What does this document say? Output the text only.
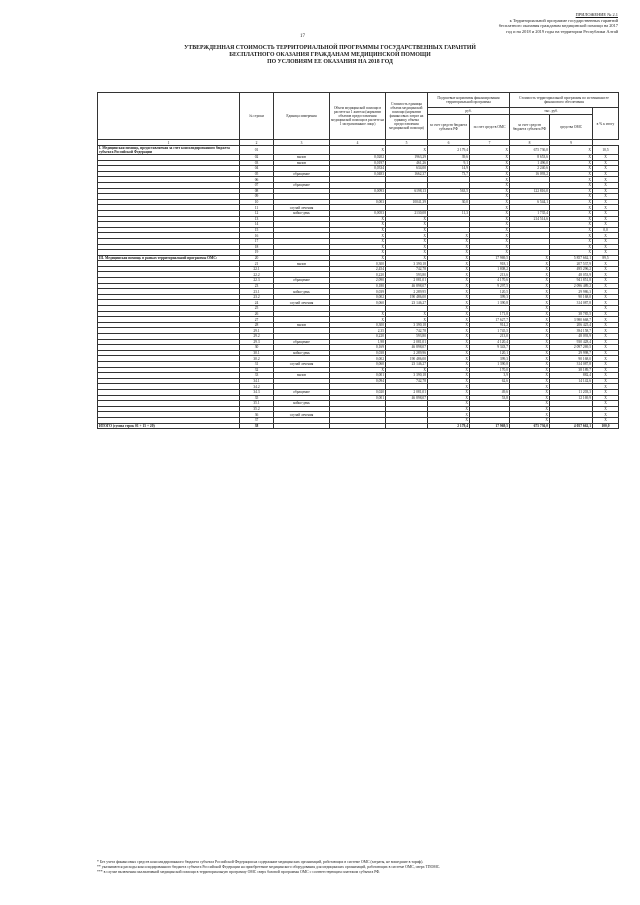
17
ПРИЛОЖЕНИЕ № 2.1
к Территориальной программе государственных гарантий
бесплатного оказания гражданам медицинской помощи на 2017
год и на 2018 и 2019 годы на территории Республики Алтай
УТВЕРЖДЕННАЯ СТОИМОСТЬ ТЕРРИТОРИАЛЬНОЙ ПРОГРАММЫ ГОСУДАРСТВЕННЫХ ГАРАНТИЙ
БЕСПЛАТНОГО ОКАЗАНИЯ ГРАЖДАНАМ МЕДИЦИНСКОЙ ПОМОЩИ
ПО УСЛОВИЯМ ЕЕ ОКАЗАНИЯ НА 2018 ГОД
	№ строки	Единица измерения	Объем медицинской помощи в расчете на 1 жителя (норматив объемов предоставления медицинской помощи в расчете на 1 застрахованное лицо)	Стоимость единицы объема медицинской помощи (норматив финансовых затрат на единицу объема предоставления медицинской помощи)	Подушевые нормативы финансирования территориальной программы		Стоимость территориальной программы по источникам ее финансового обеспечения		
					руб.		тыс. руб.		в % к итогу
					за счет средств бюджета субъекта РФ	за счет средств ОМС	за счет средств бюджета субъекта РФ	средства ОМС	
1	2	3	4	5	6	7	8	9	
I. Медицинская помощь, предоставляемая за счет консолидированного бюджета субъекта Российской Федерации	01		Х	Х	2 179,4	Х	675 736,0	Х	10,5
	02	вызов	0,0202	1963,29	39,6	Х	8 653,6	Х	Х
	03	вызов	0,0197	461,26	9,1	Х	1 496,0	Х	Х
	04		0,0334	634,00	14,9	Х	2 240,6	Х	Х
	05	обращение	0,0483	1662,37	73,7	Х	16 093,2	Х	Х
	06					Х		Х	Х
	07	обращение				Х		Х	Х
	08		0,0093	6198,13	563,5	Х	122 816,0	Х	Х
	09					Х		Х	Х
	10		0,003	10041,39	30,0	Х	6 544,1	Х	Х
	11	случай лечения				Х		Х	Х
	12	койко-день	0,0053	2130,08	11,3	Х	1 735,4	Х	Х
	13		Х	Х		Х	214 514,6	Х	Х
	14		Х	Х		Х		Х	Х
	15		Х	Х		Х		Х	0,0
	16		Х	Х	Х	Х		Х	Х
	17		Х	Х	Х	Х		Х	Х
	18		Х	Х	Х	Х		Х	Х
	19		Х	Х	Х	Х		Х	Х
III. Медицинская помощь в рамках территориальной программы ОМС:	20		Х	Х	Х	17 969,5	Х	5 857 662,1	89,5
	21	вызов	0,300	3 390,18	Х	918,1	Х	207 537,9	Х
	22.1		2,454	742,78	Х	1 808,2	Х	495 296,2	Х
	22.2		0,220	593,80	Х	213,6	Х	48 053,9	Х
	22.3	обращение	2,090	2 081,01	Х	4 170,6	Х	941 851,8	Х
	23		0,180	46 898,07	Х	9 297,5	Х	2 096 489,2	Х
	23.1	койко-день	0,039	2 289,95	Х	120,5	Х	29 986,3	Х
	23.2		0,002	190 486,00	Х	399,3	Х	90 168,0	Х
	24	случай лечения	0,060	23 146,27	Х	1 390,8	Х	314 087,8	Х
	25				Х		Х		Х
	26		Х	Х	Х	171,8	Х	38 785,5	Х
	27		Х	Х	Х	17 627,7	Х	3 980 668,7	Х
	28	вызов	0,300	3 390,18	Х	914,2	Х	206 425,4	Х
	29.1		2,35	742,78	Х	1 745,5	Х	394 158,7	Х
	29.2		0,220	593,80	Х	213,0	Х	48 093,9	Х
	29.3	обращение	1,98	2 081,01	Х	4 120,4	Х	930 428,4	Х
	30		0,169	46 898,07	Х	9 343,7	Х	2 097 269,5	Х
	30.1	койко-день	0,038	2 289,96	Х	120,1	Х	29 998,7	Х
	30.2		0,002	190 486,00	Х	399,3	Х	90 168,0	Х
	31	случай лечения	0,060	23 146,27	Х	1 390,8	Х	314 087,8	Х
	32		Х	Х	Х	170,0	Х	38 189,7	Х
	33	вызов	0,001	3 390,18	Х	3,9	Х	882,4	Х
	34.1		0,094	742,78	Х	62,6	Х	14 142,6	Х
	34.2				Х		Х		Х
	34.3	обращение	0,020	2 081,01	Х	49,6	Х	11 203,3	Х
	35		0,001	46 898,07	Х	53,8	Х	12 169,9	Х
	35.1	койко-день			Х		Х		Х
	35.2				Х		Х		Х
	36	случай лечения			Х		Х		Х
	37				Х		Х		Х
ИТОГО (сумма строк 01 + 15 + 20)	38				2 179,4	17 969,5	675 736,0	4 057 662,1	100,0
* Без учета финансовых средств консолидированного бюджета субъекта Российской Федерации на содержание медицинских организаций, работающих в системе ОМС (затраты, не вошедшие в тариф).
** указываются расходы консолидированного бюджета субъекта Российской Федерации на приобретение медицинского оборудования для медицинских организаций, работающих в системе ОМС, сверх ТПОМС.
*** в случае включения паллиативной медицинской помощи в территориальную программу ОМС сверх базовой программы ОМС с соответствующим платежом субъекта РФ.
